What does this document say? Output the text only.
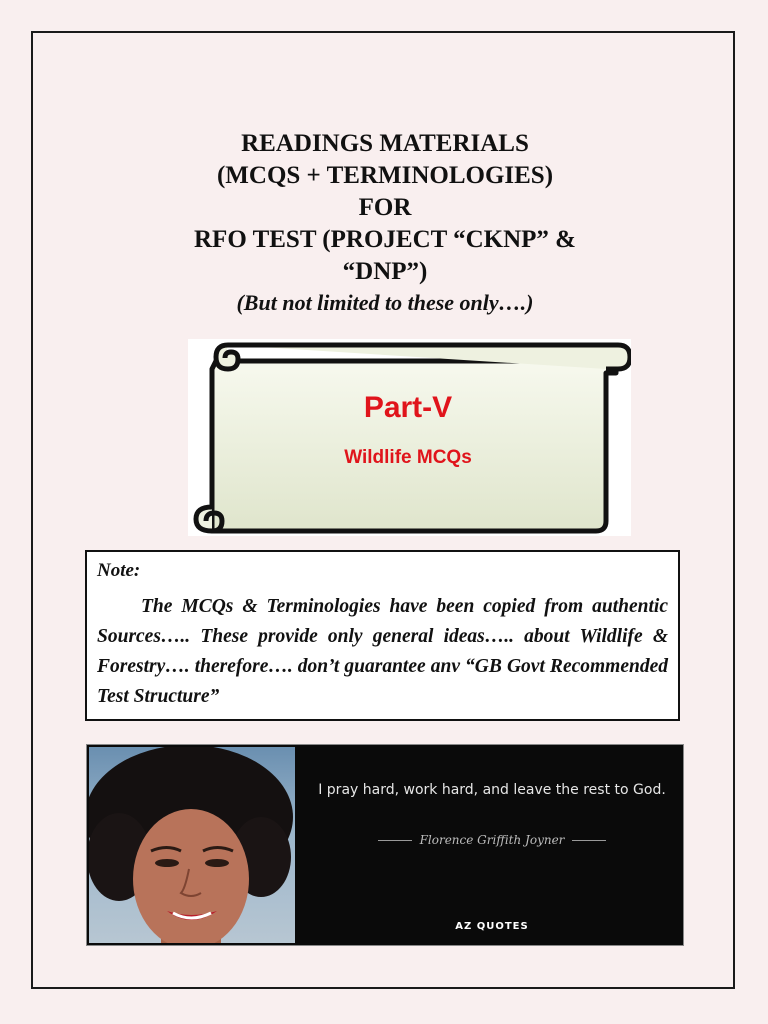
READINGS MATERIALS

(MCQS + TERMINOLOGIES)

FOR

RFO TEST (PROJECT “CKNP” &

“DNP”)

(But not limited to these only….)

Part-V
Wildlife MCQs

Note:

The MCQs & Terminologies have been copied from authentic Sources….. These provide only general ideas….. about Wildlife & Forestry…. therefore…. don’t guarantee anv “GB Govt Recommended Test Structure”

I pray hard, work hard, and leave the rest to God.
Florence Griffith Joyner
AZ QUOTES
